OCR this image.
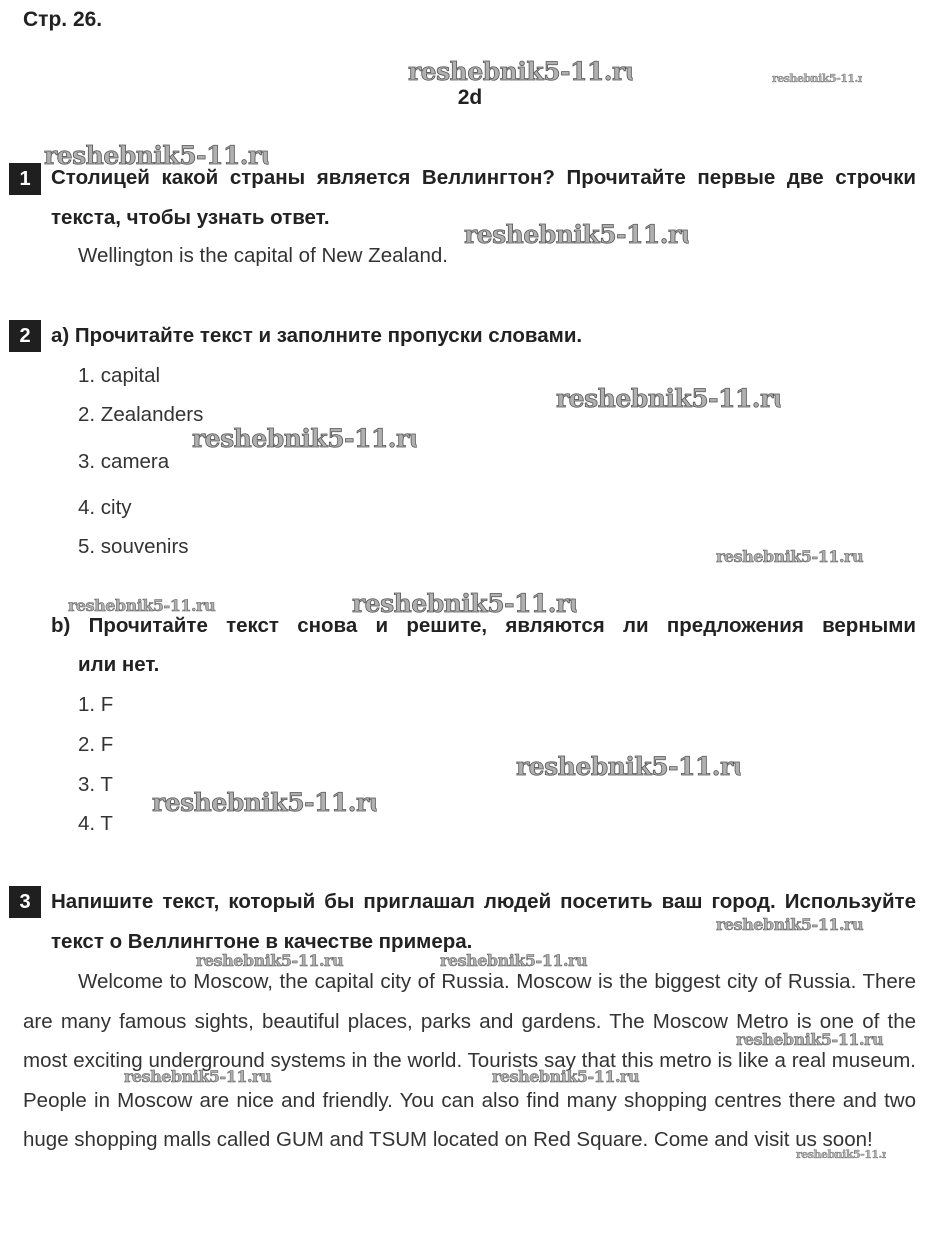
Стр. 26.
2d
1 Столицей какой страны является Веллингтон? Прочитайте первые две строчки текста, чтобы узнать ответ.
Wellington is the capital of New Zealand.
2 a) Прочитайте текст и заполните пропуски словами.
1. capital
2. Zealanders
3. camera
4. city
5. souvenirs
b) Прочитайте текст снова и решите, являются ли предложения верными
или нет.
1. F
2. F
3. T
4. T
3 Напишите текст, который бы приглашал людей посетить ваш город. Используйте текст о Веллингтоне в качестве примера.
Welcome to Moscow, the capital city of Russia. Moscow is the biggest city of Russia. There are many famous sights, beautiful places, parks and gardens. The Moscow Metro is one of the most exciting underground systems in the world. Tourists say that this metro is like a real museum. People in Moscow are nice and friendly. You can also find many shopping centres there and two huge shopping malls called GUM and TSUM located on Red Square. Come and visit us soon!
reshebnik5-11.ru	reshebnik5-11.ru
reshebnik5-11.ru
reshebnik5-11.ru
reshebnik5-11.ru
reshebnik5-11.ru
reshebnik5-11.ru
reshebnik5-11.ru	reshebnik5-11.ru
reshebnik5-11.ru
reshebnik5-11.ru
reshebnik5-11.ru
reshebnik5-11.ru	reshebnik5-11.ru
reshebnik5-11.ru
reshebnik5-11.ru	reshebnik5-11.ru
reshebnik5-11.ru
